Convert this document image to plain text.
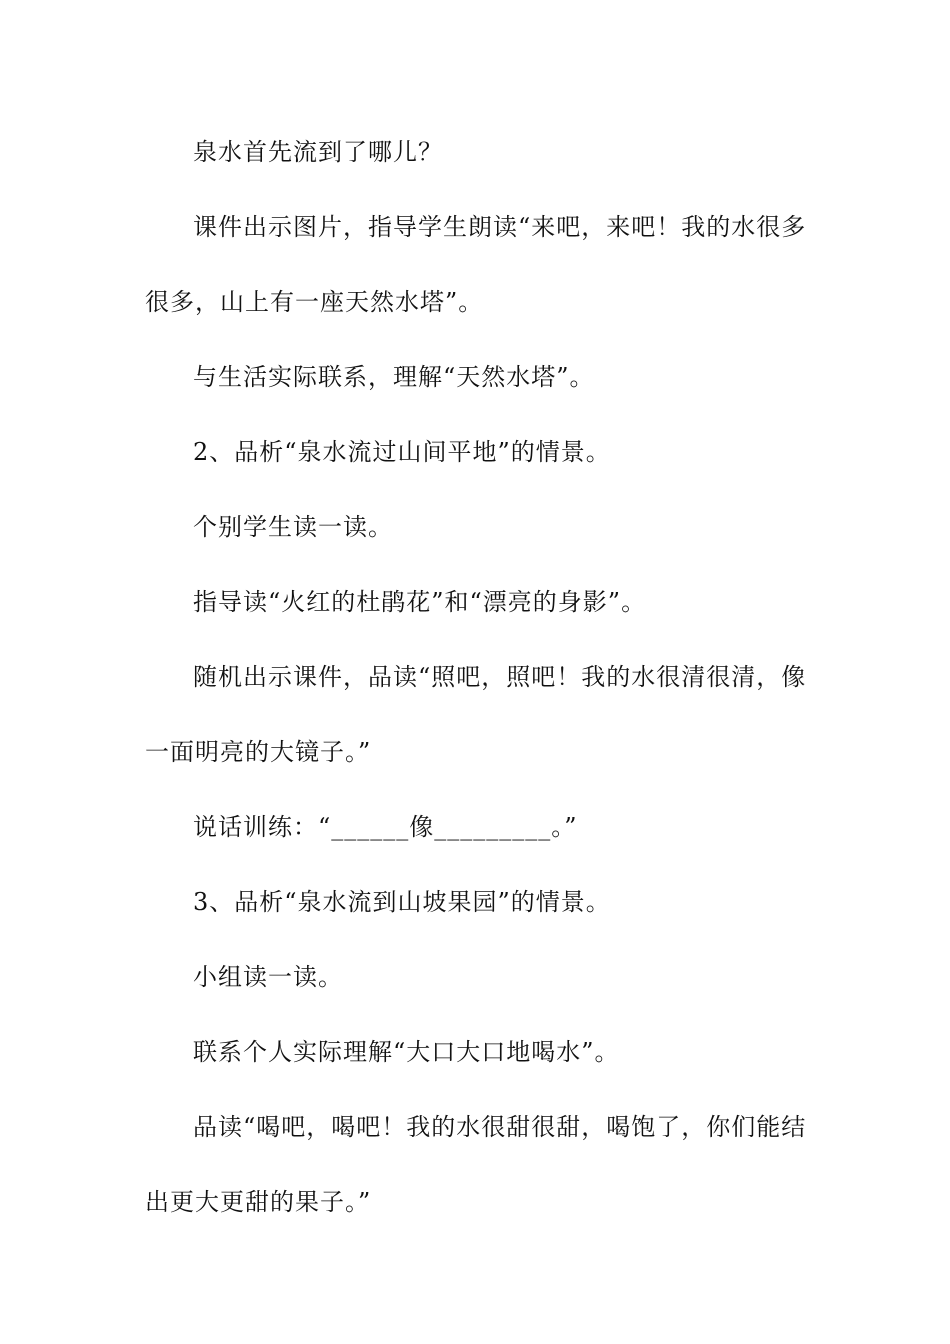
泉水首先流到了哪儿？
课件出示图片，指导学生朗读“来吧，来吧！我的水很多
很多，山上有一座天然水塔”。
与生活实际联系，理解“天然水塔”。
2、品析“泉水流过山间平地”的情景。
个别学生读一读。
指导读“火红的杜鹃花”和“漂亮的身影”。
随机出示课件，品读“照吧，照吧！我的水很清很清，像
一面明亮的大镜子。”
说话训练：“______像_________。”
3、品析“泉水流到山坡果园”的情景。
小组读一读。
联系个人实际理解“大口大口地喝水”。
品读“喝吧，喝吧！我的水很甜很甜，喝饱了，你们能结
出更大更甜的果子。”
